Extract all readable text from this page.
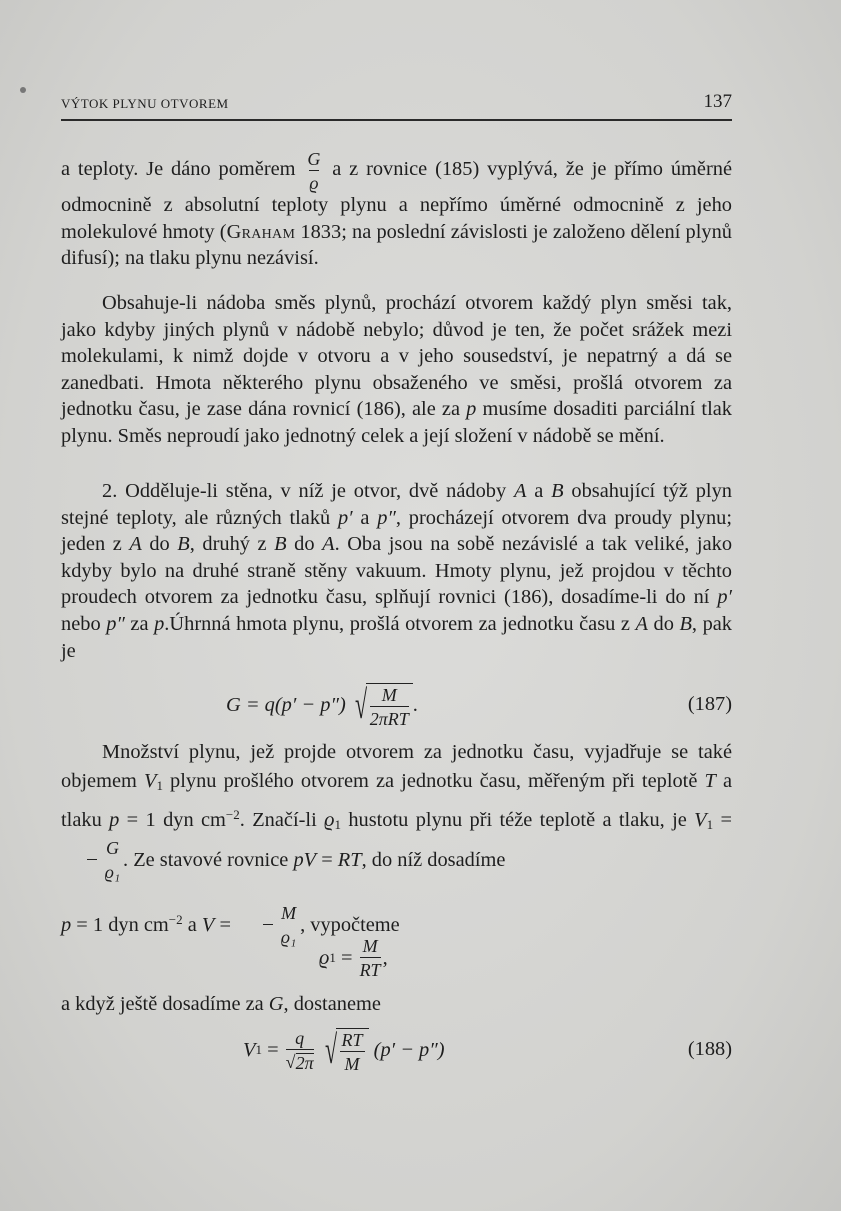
VÝTOK PLYNU OTVOREM	137

a teploty. Je dáno poměrem $\frac{G}{ϱ}$ a z rovnice (185) vyplývá, že je přímo úměrné odmocnině z absolutní teploty plynu a nepřímo úměrné odmocnině z jeho molekulové hmoty (Graham 1833; na poslední závislosti je založeno dělení plynů difusí); na tlaku plynu nezávisí.

Obsahuje-li nádoba směs plynů, prochází otvorem každý plyn směsi tak, jako kdyby jiných plynů v nádobě nebylo; důvod je ten, že počet srážek mezi molekulami, k nimž dojde v otvoru a v jeho sousedství, je nepatrný a dá se zanedbati. Hmota některého plynu obsaženého ve směsi, prošlá otvorem za jednotku času, je zase dána rovnicí (186), ale za p musíme dosaditi parciální tlak plynu. Směs neproudí jako jednotný celek a její složení v nádobě se mění.

2. Odděluje-li stěna, v níž je otvor, dvě nádoby A a B obsahující týž plyn stejné teploty, ale různých tlaků p′ a p″, procházejí otvorem dva proudy plynu; jeden z A do B, druhý z B do A. Oba jsou na sobě nezávislé a tak veliké, jako kdyby bylo na druhé straně stěny vakuum. Hmoty plynu, jež projdou v těchto proudech otvorem za jednotku času, splňují rovnici (186), dosadíme-li do ní p′ nebo p″ za p.Úhrnná hmota plynu, prošlá otvorem za jednotku času z A do B, pak je

G = q(p′ − p″) √ $\frac{M}{\text{2πRT}}$ .	(187)

Množství plynu, jež projde otvorem za jednotku času, vyjadřuje se také objemem $V_1$ plynu prošlého otvorem za jednotku času, měřeným při teplotě T a tlaku p = 1 dyn $cm^{-2}$. Značí-li $ϱ_1$ hustotu plynu při téže teplotě a tlaku, je $V_1$ =
$\frac{G}{\text{ϱ₁}}$ . Ze stavové rovnice pV = RT, do níž dosadíme
p = 1 dyn $cm^{-2}$ a $V = \frac{M}{\text{ϱ₁}}$ , vypočteme

ϱ $1 = \frac{M}{RT}$ ,

a když ještě dosadíme za G, dostaneme

V $1 = \frac{q}{√ 2\pi}$ √ $\frac{RT}{M} (p' - p'')$	(188)
